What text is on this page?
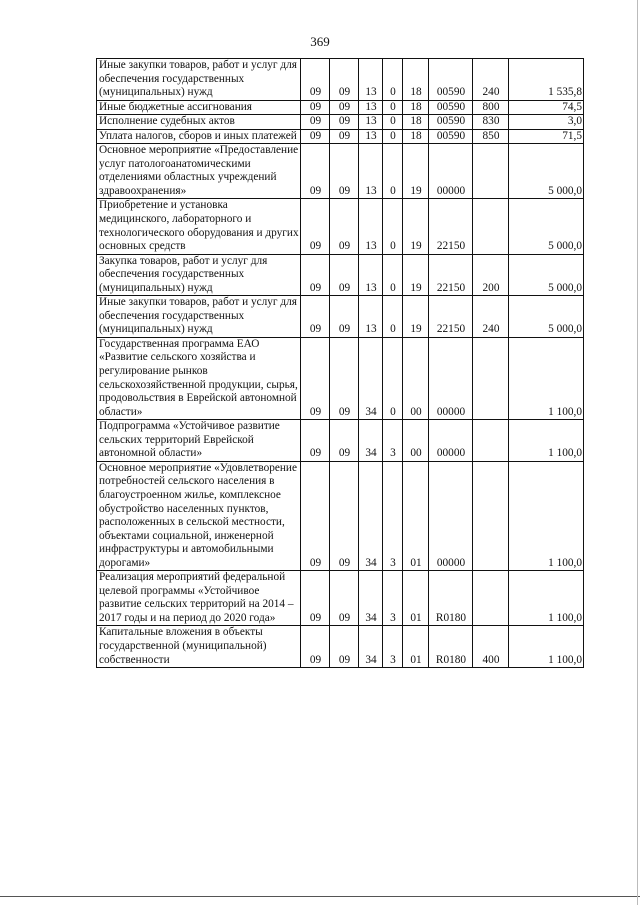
369
Иные закупки товаров, работ и услуг для обеспечения государственных (муниципальных) нужд	09	09	13	0	18	00590	240	1 535,8
Иные бюджетные ассигнования	09	09	13	0	18	00590	800	74,5
Исполнение судебных актов	09	09	13	0	18	00590	830	3,0
Уплата налогов, сборов и иных платежей	09	09	13	0	18	00590	850	71,5
Основное мероприятие «Предоставление услуг патологоанатомическими отделениями областных учреждений здравоохранения»	09	09	13	0	19	00000		5 000,0
Приобретение и установка медицинского, лабораторного и технологического оборудования и других основных средств	09	09	13	0	19	22150		5 000,0
Закупка товаров, работ и услуг для обеспечения государственных (муниципальных) нужд	09	09	13	0	19	22150	200	5 000,0
Иные закупки товаров, работ и услуг для обеспечения государственных (муниципальных) нужд	09	09	13	0	19	22150	240	5 000,0
Государственная программа ЕАО «Развитие сельского хозяйства и регулирование рынков сельскохозяйственной продукции, сырья, продовольствия в Еврейской автономной области»	09	09	34	0	00	00000		1 100,0
Подпрограмма «Устойчивое развитие сельских территорий Еврейской автономной области»	09	09	34	3	00	00000		1 100,0
Основное мероприятие «Удовлетворение потребностей сельского населения в благоустроенном жилье, комплексное обустройство населенных пунктов, расположенных в сельской местности, объектами социальной, инженерной инфраструктуры и автомобильными дорогами»	09	09	34	3	01	00000		1 100,0
Реализация мероприятий федеральной целевой программы «Устойчивое развитие сельских территорий на 2014 – 2017 годы и на период до 2020 года»	09	09	34	3	01	R0180		1 100,0
Капитальные вложения в объекты государственной (муниципальной) собственности	09	09	34	3	01	R0180	400	1 100,0
